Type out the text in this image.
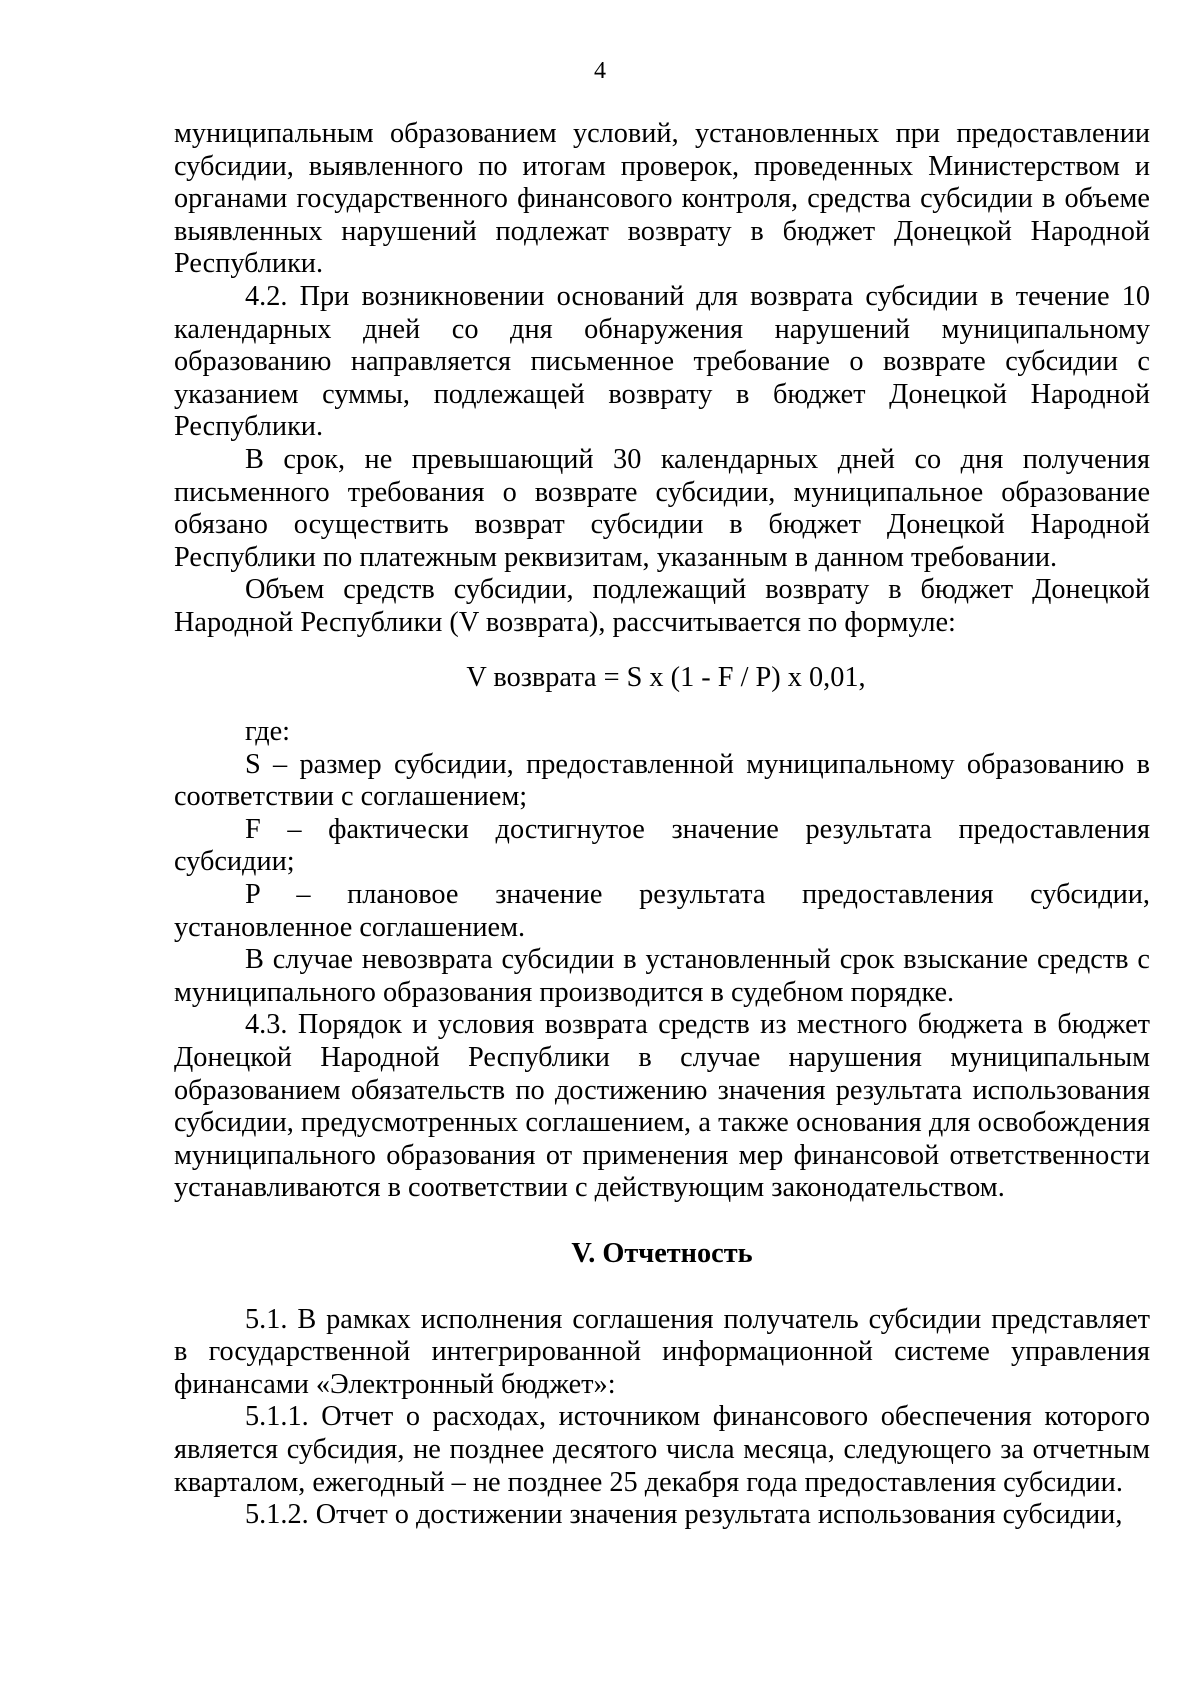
4

муниципальным образованием условий, установленных при предоставлении субсидии, выявленного по итогам проверок, проведенных Министерством и органами государственного финансового контроля, средства субсидии в объеме выявленных нарушений подлежат возврату в бюджет Донецкой Народной Республики.

4.2. При возникновении оснований для возврата субсидии в течение 10 календарных дней со дня обнаружения нарушений муниципальному образованию направляется письменное требование о возврате субсидии с указанием суммы, подлежащей возврату в бюджет Донецкой Народной Республики.

В срок, не превышающий 30 календарных дней со дня получения письменного требования о возврате субсидии, муниципальное образование обязано осуществить возврат субсидии в бюджет Донецкой Народной Республики по платежным реквизитам, указанным в данном требовании.

Объем средств субсидии, подлежащий возврату в бюджет Донецкой Народной Республики (V возврата), рассчитывается по формуле:

V возврата = S x (1 - F / P) x 0,01,

где:

S – размер субсидии, предоставленной муниципальному образованию в соответствии с соглашением;

F – фактически достигнутое значение результата предоставления субсидии;

P – плановое значение результата предоставления субсидии, установленное соглашением.

В случае невозврата субсидии в установленный срок взыскание средств с муниципального образования производится в судебном порядке.

4.3. Порядок и условия возврата средств из местного бюджета в бюджет Донецкой Народной Республики в случае нарушения муниципальным образованием обязательств по достижению значения результата использования субсидии, предусмотренных соглашением, а также основания для освобождения муниципального образования от применения мер финансовой ответственности устанавливаются в соответствии с действующим законодательством.

V. Отчетность

5.1. В рамках исполнения соглашения получатель субсидии представляет в государственной интегрированной информационной системе управления финансами «Электронный бюджет»:

5.1.1. Отчет о расходах, источником финансового обеспечения которого является субсидия, не позднее десятого числа месяца, следующего за отчетным кварталом, ежегодный – не позднее 25 декабря года предоставления субсидии.

5.1.2. Отчет о достижении значения результата использования субсидии,
